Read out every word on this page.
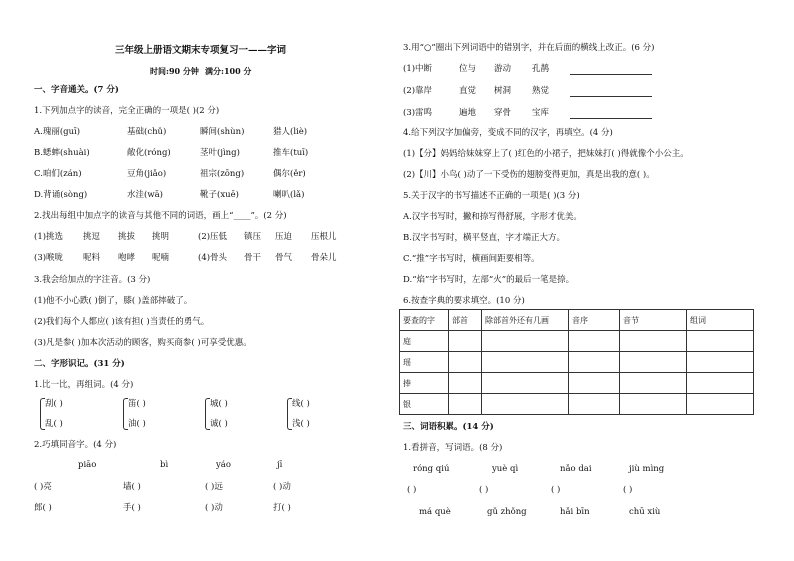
三年级上册语文期末专项复习一——字词
时间:90 分钟 满分:100 分
一、字音通关。(7 分)
1.下列加点字的读音，完全正确的一项是( )(2 分)
A.瑰丽(guī)	基础(chǔ)	瞬间(shùn)	猎人(liè)
B.蟋蟀(shuài)	敞化(róng)	茎叶(jìng)	推车(tuī)
C.咱们(zán)	豆角(jiǎo)	祖宗(zōng)	偶尔(ěr)
D.背诵(sòng)	水洼(wā)	靴子(xuē)	喇叭(lǎ)
2.找出每组中加点字的读音与其他不同的词语，画上“____”。(2 分)
(1)挑选 挑逗 挑拔 挑明	(2)压低 镇压 压迫 压根儿
(3)喉咙 呢料 咆哮 呢喃	(4)骨头 骨干 骨气 骨朵儿
3.我会给加点的字注音。(3 分)
(1)他不小心跌( )倒了，膝( )盖部摔破了。
(2)我们每个人都应( )该有担( )当责任的勇气。
(3)凡是参( )加本次活动的顾客，购买商参( )可享受优惠。
二、字形识记。(31 分)
1.比一比，再组词。(4 分)
刮( )
乱( )
笛( )
油( )
城( )
诚( )
线( )
浅( )
2.巧填同音字。(4 分)
piāo	bì	yáo	jī
( )亮	墙( )	( )远	( )动
郎( )	手( )	( )动	打( )
3.用“○”圈出下列词语中的错别字，并在后面的横线上改正。(6 分)
(1)中断	位与 游动 孔鹊
(2)靠岸	直觉 树洞 熟觉
(3)雷鸣	遍地 穿骨 宝库
4.给下列汉字加偏旁，变成不同的汉字，再填空。(4 分)
(1)【分】妈妈给妹妹穿上了( )红色的小裙子，把妹妹打( )得就像个小公主。
(2)【川】小鸟( )动了一下受伤的翅膀变得更加，真是出我的意( )。
5.关于汉字的书写描述不正确的一项是( )(3 分)
A.汉字书写时，撇和捺写得舒展，字形才优美。
B.汉字书写时，横平竖直，字才端正大方。
C.“推”字书写时，横画间距要相等。
D.“焰”字书写时，左部“火”的最后一笔是捺。
6.按查字典的要求填空。(10 分)
要查的字	部首	除部首外还有几画	音序	音节	组词
庭					
瑶					
捧					
银					
三、词语积累。(14 分)
1.看拼音，写词语。(8 分)
róng qiú	yuè qì	nǎo dai	jiù mìng
( )	( )	( )	( )
má què	gǔ zhǒng	hǎi bīn	chū xiù
